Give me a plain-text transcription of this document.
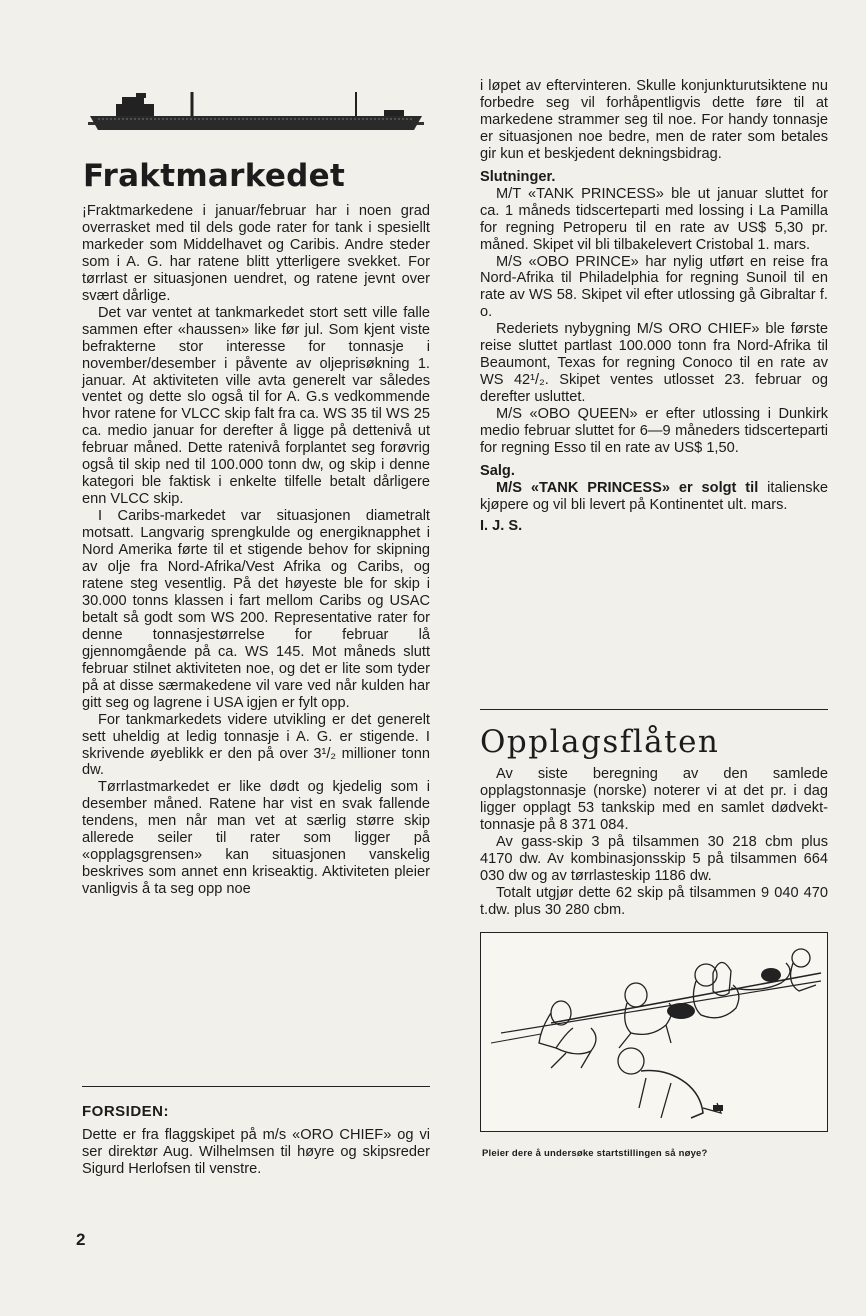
Fraktmarkedet

¡Fraktmarkedene i januar/februar har i noen grad overrasket med til dels gode rater for tank i spesiellt markeder som Middelhavet og Caribis. Andre steder som i A. G. har ratene blitt ytterligere svekket. For tørrlast er situasjonen uendret, og ratene jevnt over svært dårlige.

Det var ventet at tankmarkedet stort sett ville falle sammen efter «haussen» like før jul. Som kjent viste befrakterne stor interesse for tonnasje i november/desember i påvente av oljeprisøkning 1. januar. At aktiviteten ville avta generelt var således ventet og dette slo også til for A. G.s vedkommende hvor ratene for VLCC skip falt fra ca. WS 35 til WS 25 ca. medio januar for derefter å ligge på dettenivå ut februar måned. Dette ratenivå forplantet seg forøvrig også til skip ned til 100.000 tonn dw, og skip i denne kategori ble faktisk i enkelte tilfelle betalt dårligere enn VLCC skip.

I Caribs-markedet var situasjonen diametralt motsatt. Langvarig sprengkulde og energiknapphet i Nord Amerika førte til et stigende behov for skipning av olje fra Nord-Afrika/Vest Afrika og Caribs, og ratene steg vesentlig. På det høyeste ble for skip i 30.000 tonns klassen i fart mellom Caribs og USAC betalt så godt som WS 200. Representative rater for denne tonnasjestørrelse for februar lå gjennomgående på ca. WS 145. Mot måneds slutt februar stilnet aktiviteten noe, og det er lite som tyder på at disse særmakedene vil vare ved når kulden har gitt seg og lagrene i USA igjen er fylt opp.

For tankmarkedets videre utvikling er det generelt sett uheldig at ledig tonnasje i A. G. er stigende. I skrivende øyeblikk er den på over 3¹/₂ millioner tonn dw.

Tørrlastmarkedet er like dødt og kjedelig som i desember måned. Ratene har vist en svak fallende tendens, men når man vet at særlig større skip allerede seiler til rater som ligger på «opplagsgrensen» kan situasjonen vanskelig beskrives som annet enn kriseaktig. Aktiviteten pleier vanligvis å ta seg opp noe

FORSIDEN:

Dette er fra flaggskipet på m/s «ORO CHIEF» og vi ser direktør Aug. Wilhelmsen til høyre og skipsreder Sigurd Herlofsen til venstre.

i løpet av eftervinteren. Skulle konjunkturutsiktene nu forbedre seg vil forhåpentligvis dette føre til at markedene strammer seg til noe. For handy tonnasje er situasjonen noe bedre, men de rater som betales gir kun et beskjedent dekningsbidrag.

Slutninger.

M/T «TANK PRINCESS» ble ut januar sluttet for ca. 1 måneds tidscerteparti med lossing i La Pamilla for regning Petroperu til en rate av US$ 5,30 pr. måned. Skipet vil bli tilbakelevert Cristobal 1. mars.

M/S «OBO PRINCE» har nylig utført en reise fra Nord-Afrika til Philadelphia for regning Sunoil til en rate av WS 58. Skipet vil efter utlossing gå Gibraltar f. o.

Rederiets nybygning M/S ORO CHIEF» ble første reise sluttet partlast 100.000 tonn fra Nord-Afrika til Beaumont, Texas for regning Conoco til en rate av WS 42¹/₂. Skipet ventes utlosset 23. februar og derefter usluttet.

M/S «OBO QUEEN» er efter utlossing i Dunkirk medio februar sluttet for 6—9 måneders tidscerteparti for regning Esso til en rate av US$ 1,50.

Salg.

M/S «TANK PRINCESS» er solgt til italienske kjøpere og vil bli levert på Kontinentet ult. mars.

I. J. S.

Opplagsflåten

Av siste beregning av den samlede opplagstonnasje (norske) noterer vi at det pr. i dag ligger opplagt 53 tankskip med en samlet dødvekt-tonnasje på 8 371 084.

Av gass-skip 3 på tilsammen 30 218 cbm plus 4170 dw. Av kombinasjonsskip 5 på tilsammen 664 030 dw og av tørrlasteskip 1186 dw.

Totalt utgjør dette 62 skip på tilsammen 9 040 470 t.dw. plus 30 280 cbm.

Pleier dere å undersøke startstillingen så nøye?
2
